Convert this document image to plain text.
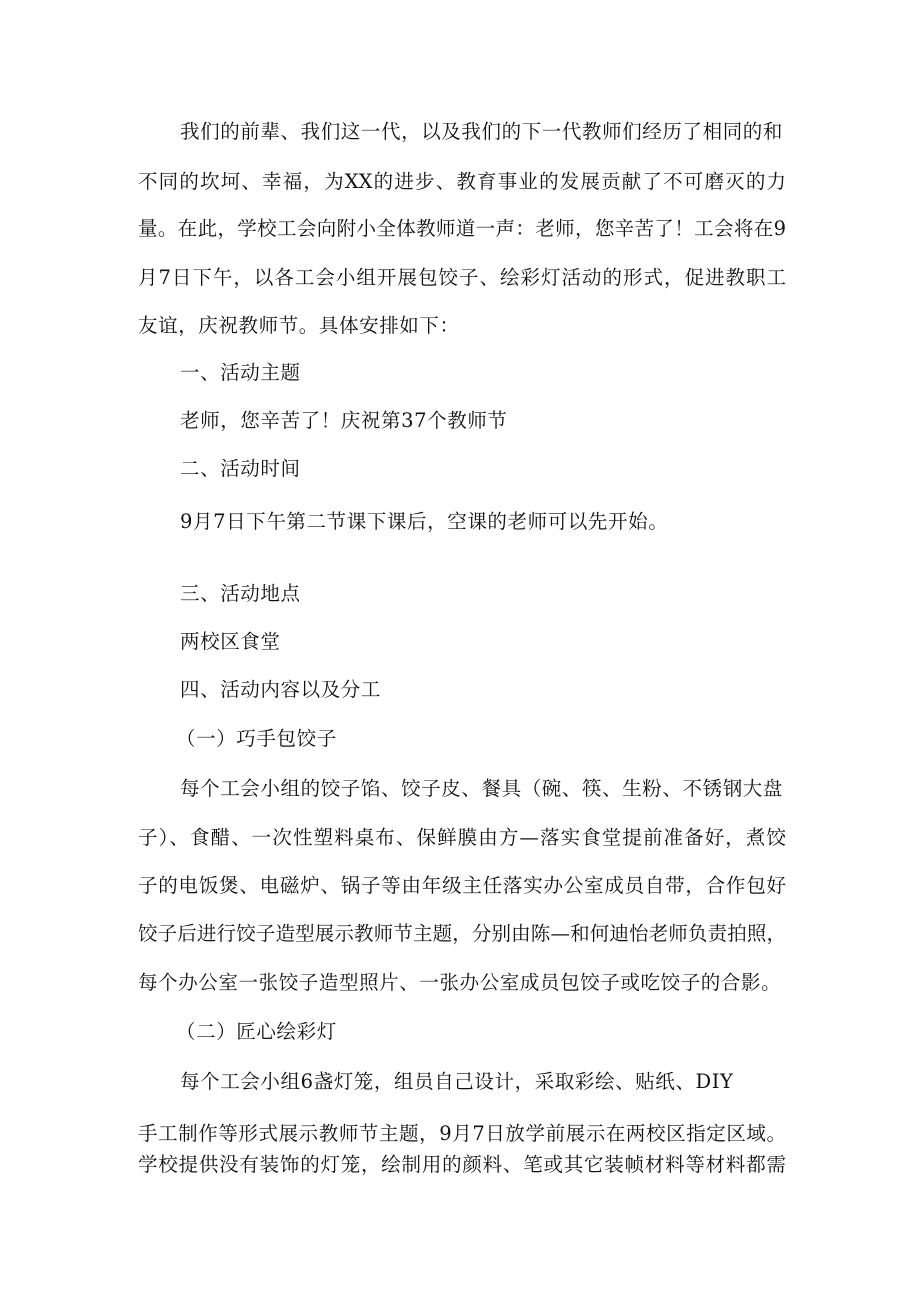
我们的前辈、我们这一代，以及我们的下一代教师们经历了相同的和
不同的坎坷、幸福，为XX的进步、教育事业的发展贡献了不可磨灭的力
量。在此，学校工会向附小全体教师道一声：老师，您辛苦了！工会将在9
月7日下午，以各工会小组开展包饺子、绘彩灯活动的形式，促进教职工
友谊，庆祝教师节。具体安排如下：
一、活动主题
老师，您辛苦了！庆祝第37个教师节
二、活动时间
9月7日下午第二节课下课后，空课的老师可以先开始。
三、活动地点
两校区食堂
四、活动内容以及分工
（一）巧手包饺子
每个工会小组的饺子馅、饺子皮、餐具（碗、筷、生粉、不锈钢大盘
子）、食醋、一次性塑料桌布、保鲜膜由方—落实食堂提前准备好，煮饺
子的电饭煲、电磁炉、锅子等由年级主任落实办公室成员自带，合作包好
饺子后进行饺子造型展示教师节主题，分别由陈—和何迪怡老师负责拍照，
每个办公室一张饺子造型照片、一张办公室成员包饺子或吃饺子的合影。
（二）匠心绘彩灯
每个工会小组6盏灯笼，组员自己设计，采取彩绘、贴纸、DIY
手工制作等形式展示教师节主题，9月7日放学前展示在两校区指定区域。
学校提供没有装饰的灯笼，绘制用的颜料、笔或其它装帧材料等材料都需
